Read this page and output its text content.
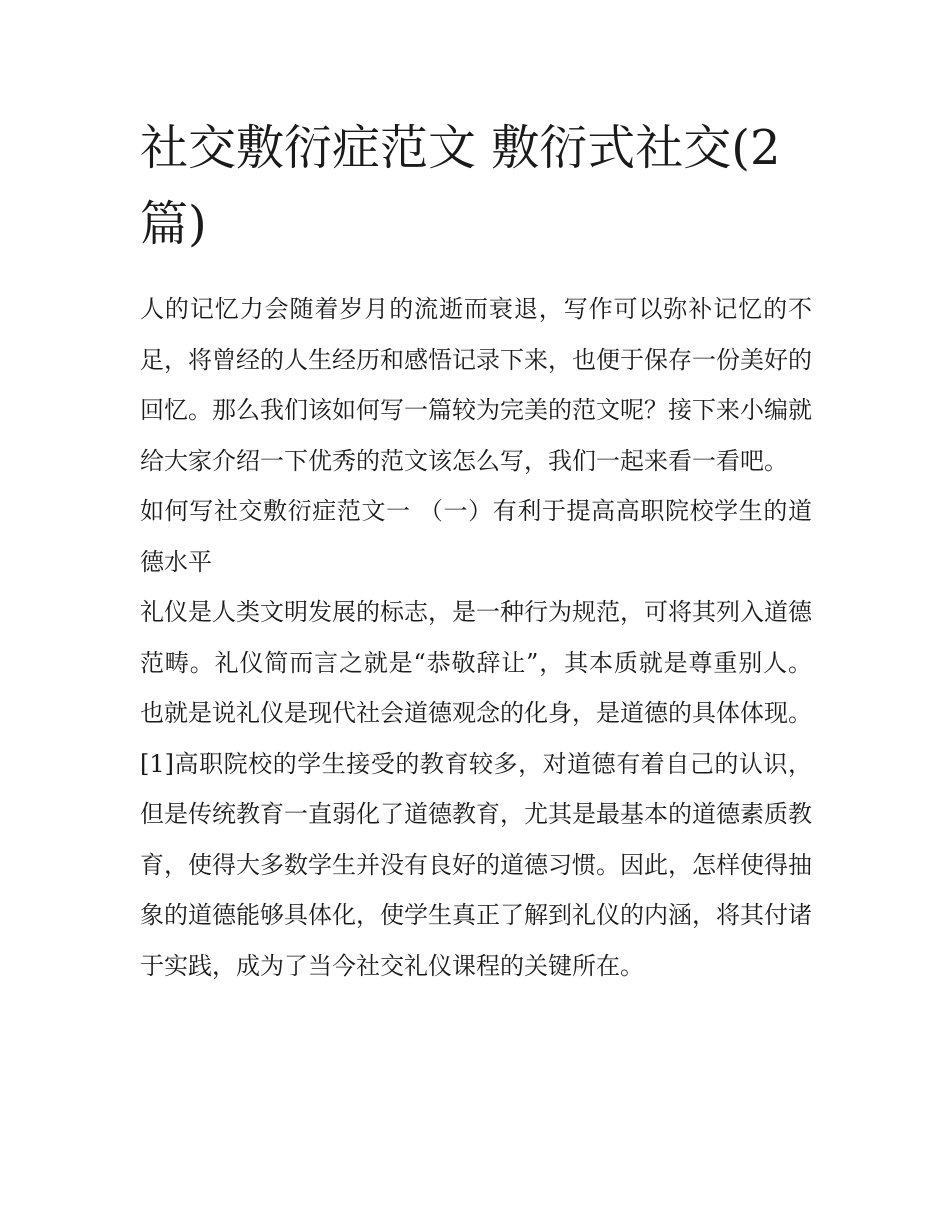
社交敷衍症范文 敷衍式社交(2篇)

人的记忆力会随着岁月的流逝而衰退，写作可以弥补记忆的不足，将曾经的人生经历和感悟记录下来，也便于保存一份美好的回忆。那么我们该如何写一篇较为完美的范文呢？接下来小编就给大家介绍一下优秀的范文该怎么写，我们一起来看一看吧。

如何写社交敷衍症范文一 （一）有利于提高高职院校学生的道德水平

礼仪是人类文明发展的标志，是一种行为规范，可将其列入道德范畴。礼仪简而言之就是“恭敬辞让”，其本质就是尊重别人。也就是说礼仪是现代社会道德观念的化身，是道德的具体体现。[1]高职院校的学生接受的教育较多，对道德有着自己的认识，但是传统教育一直弱化了道德教育，尤其是最基本的道德素质教育，使得大多数学生并没有良好的道德习惯。因此，怎样使得抽象的道德能够具体化，使学生真正了解到礼仪的内涵，将其付诸于实践，成为了当今社交礼仪课程的关键所在。
